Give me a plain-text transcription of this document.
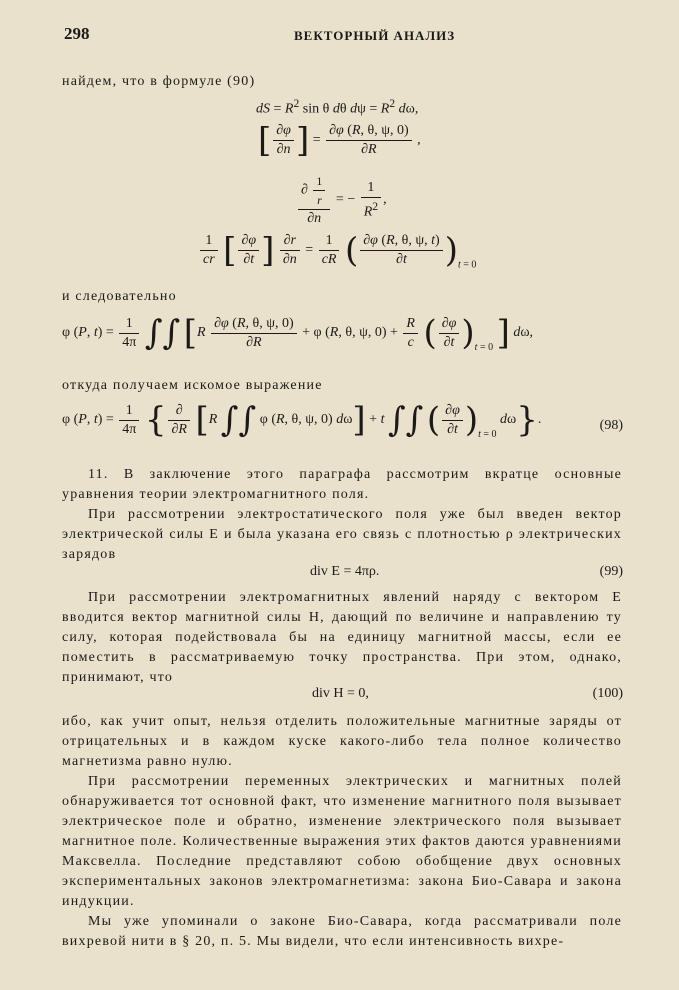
298	ВЕКТОРНЫЙ АНАЛИЗ
найдем, что в формуле (90)
dS = $R^2$ sin θ dθ $d\psi = R^2$ dω,
[ $\frac{\partial\varphi}{\partial n}$ ] = $\frac{\partial\varphi (R, \theta, \psi, 0)}{\partial R}$ ,
$\frac{\partial \frac{1}{r}}{\partial n}$ = − $\frac{1}{R^2}$ ,
$\frac{1}{cr}$ [ $\frac{\partial\varphi}{\partial t}$ ] $\frac{\partial r}{\partial n} = \frac{1}{cR}$ ( $\frac{\partial\varphi (R, \theta, \psi, t)}{\partial t} )_{t = 0}$
и следовательно
φ (P, $t) = \frac{1}{4\pi}$ ∫∫ [$R \frac{\partial\varphi (R, \theta, \psi, 0)}{\partial R} + \varphi$ (R, θ, ψ, $0) + \frac{R}{c}$ ( $\frac{\partial\varphi}{\partial t} )_{t = 0}$ ] dω,
откуда получаем искомое выражение
φ (P, $t) = \frac{1}{4\pi}$ { ∂
∂R [R ∫∫ φ (R, θ, ψ, 0) dω] + t ∫∫ ( $\frac{\partial\varphi}{\partial t} )_{t = 0}$ dω}.	(98)
11. В заключение этого параграфа рассмотрим вкратце основные уравнения теории электромагнитного поля.
При рассмотрении электростатического поля уже был введен вектор электрической силы E и была указана его связь с плотностью ρ электрических зарядов
div E = 4πρ.	(99)
При рассмотрении электромагнитных явлений наряду с вектором E вводится вектор магнитной силы H, дающий по величине и направлению ту силу, которая подействовала бы на единицу магнитной массы, если ее поместить в рассматриваемую точку пространства. При этом, однако, принимают, что
div H = 0,	(100)
ибо, как учит опыт, нельзя отделить положительные магнитные заряды от отрицательных и в каждом куске какого-либо тела полное количество магнетизма равно нулю.
При рассмотрении переменных электрических и магнитных полей обнаруживается тот основной факт, что изменение магнитного поля вызывает электрическое поле и обратно, изменение электрического поля вызывает магнитное поле. Количественные выражения этих фактов даются уравнениями Максвелла. Последние представляют собою обобщение двух основных экспериментальных законов электромагнетизма: закона Био-Савара и закона индукции.
Мы уже упоминали о законе Био-Савара, когда рассматривали поле вихревой нити в § 20, п. 5. Мы видели, что если интенсивность вихре-
